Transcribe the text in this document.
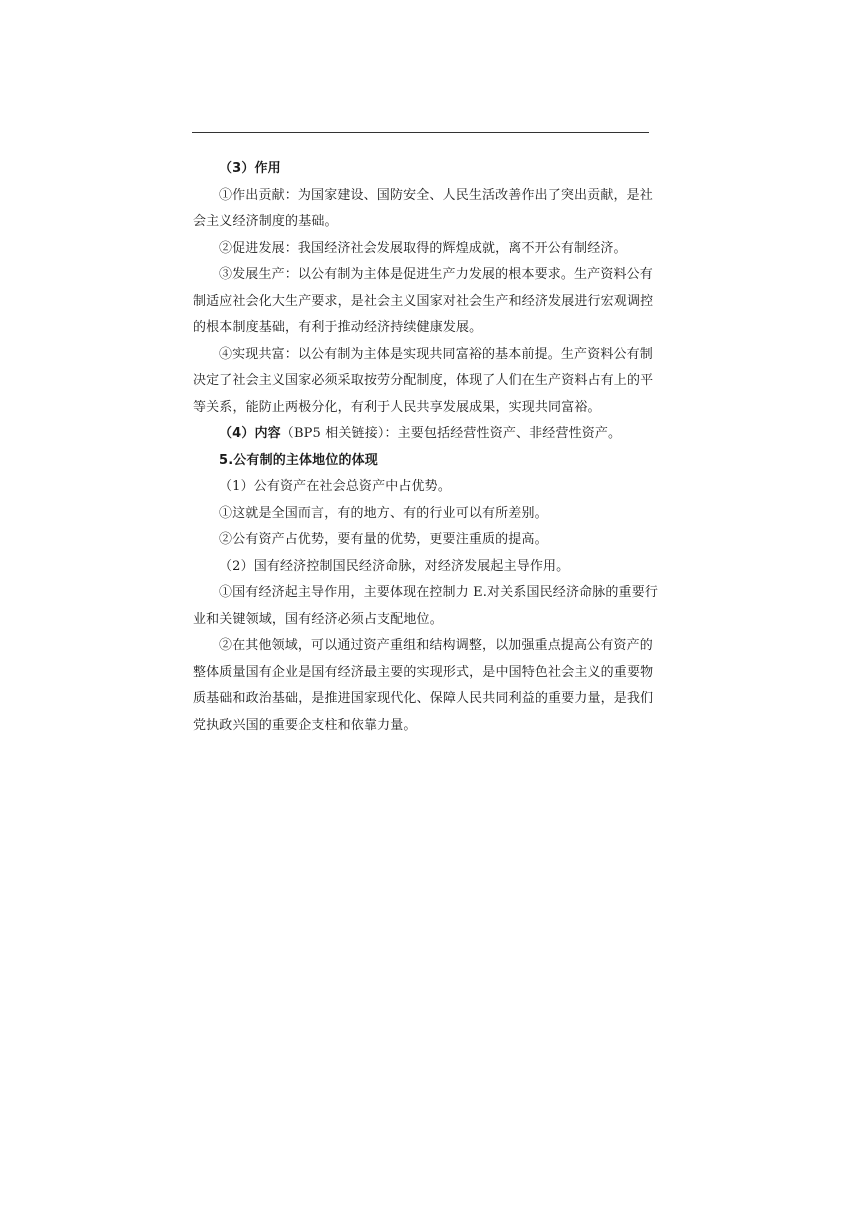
（3）作用
①作出贡献：为国家建设、国防安全、人民生活改善作出了突出贡献，是社
会主义经济制度的基础。
②促进发展：我国经济社会发展取得的辉煌成就，离不开公有制经济。
③发展生产：以公有制为主体是促进生产力发展的根本要求。生产资料公有
制适应社会化大生产要求，是社会主义国家对社会生产和经济发展进行宏观调控
的根本制度基础，有利于推动经济持续健康发展。
④实现共富：以公有制为主体是实现共同富裕的基本前提。生产资料公有制
决定了社会主义国家必须采取按劳分配制度，体现了人们在生产资料占有上的平
等关系，能防止两极分化，有利于人民共享发展成果，实现共同富裕。
（4）内容（BP5 相关链接）：主要包括经营性资产、非经营性资产。
5.公有制的主体地位的体现
（1）公有资产在社会总资产中占优势。
①这就是全国而言，有的地方、有的行业可以有所差别。
②公有资产占优势，要有量的优势，更要注重质的提高。
（2）国有经济控制国民经济命脉，对经济发展起主导作用。
①国有经济起主导作用，主要体现在控制力 E.对关系国民经济命脉的重要行
业和关键领域，国有经济必须占支配地位。
②在其他领域，可以通过资产重组和结构调整，以加强重点提高公有资产的
整体质量国有企业是国有经济最主要的实现形式，是中国特色社会主义的重要物
质基础和政治基础，是推进国家现代化、保障人民共同利益的重要力量，是我们
党执政兴国的重要企支柱和依靠力量。
